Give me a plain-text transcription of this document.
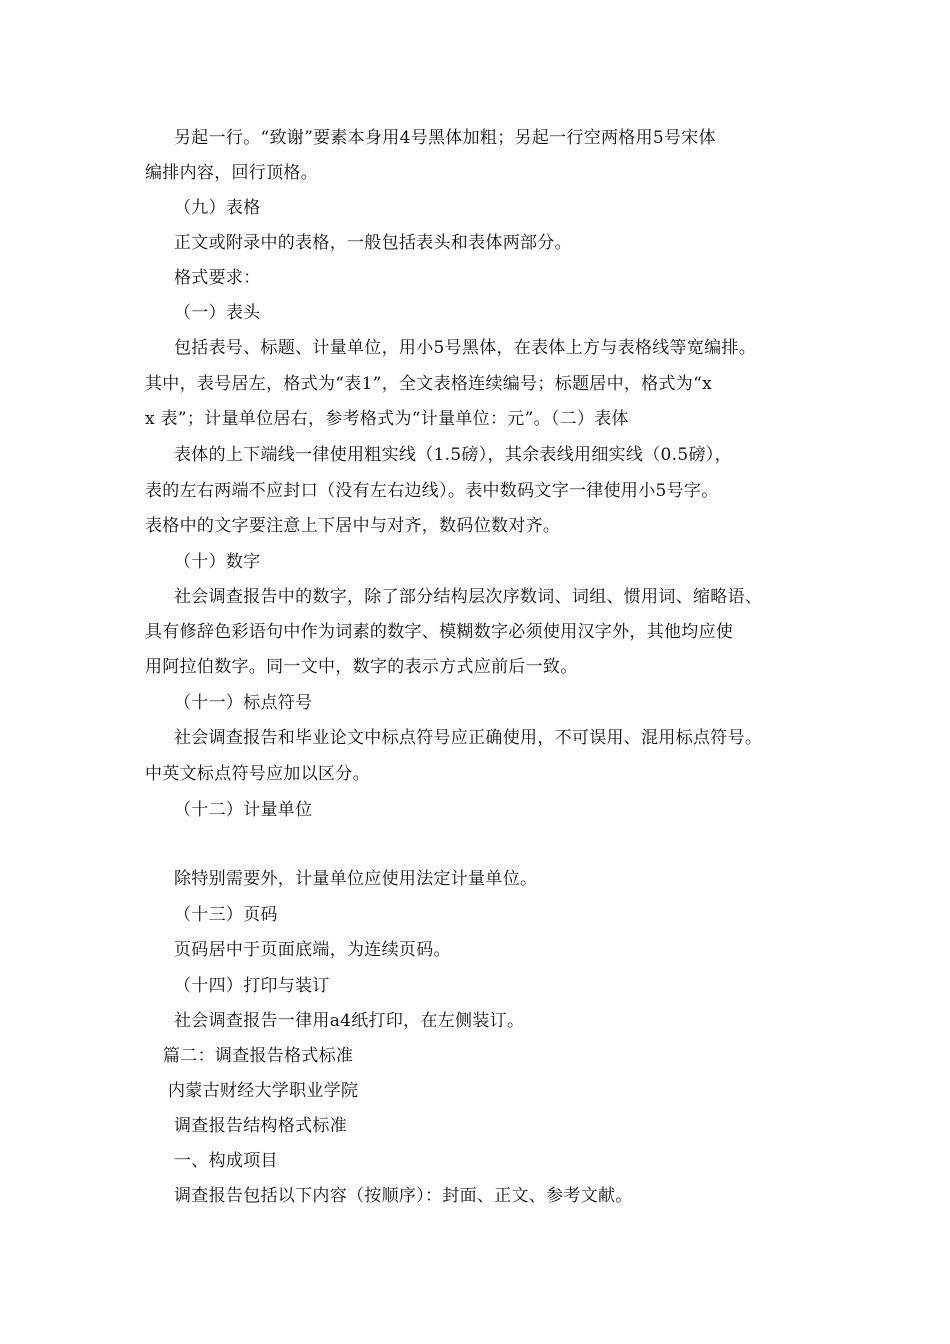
另起一行。“致谢”要素本身用4号黑体加粗；另起一行空两格用5号宋体
编排内容，回行顶格。
（九）表格
正文或附录中的表格，一般包括表头和表体两部分。
格式要求：
（一）表头
包括表号、标题、计量单位，用小5号黑体，在表体上方与表格线等宽编排。
其中，表号居左，格式为“表1”，全文表格连续编号；标题居中，格式为“x
x 表”；计量单位居右，参考格式为“计量单位：元”。（二）表体
表体的上下端线一律使用粗实线（1.5磅），其余表线用细实线（0.5磅），
表的左右两端不应封口（没有左右边线）。表中数码文字一律使用小5号字。
表格中的文字要注意上下居中与对齐，数码位数对齐。
（十）数字
社会调查报告中的数字，除了部分结构层次序数词、词组、惯用词、缩略语、
具有修辞色彩语句中作为词素的数字、模糊数字必须使用汉字外，其他均应使
用阿拉伯数字。同一文中，数字的表示方式应前后一致。
（十一）标点符号
社会调查报告和毕业论文中标点符号应正确使用，不可误用、混用标点符号。
中英文标点符号应加以区分。
（十二）计量单位
除特别需要外，计量单位应使用法定计量单位。
（十三）页码
页码居中于页面底端，为连续页码。
（十四）打印与装订
社会调查报告一律用a4纸打印，在左侧装订。
篇二：调查报告格式标准
内蒙古财经大学职业学院
调查报告结构格式标准
一、构成项目
调查报告包括以下内容（按顺序）：封面、正文、参考文献。
